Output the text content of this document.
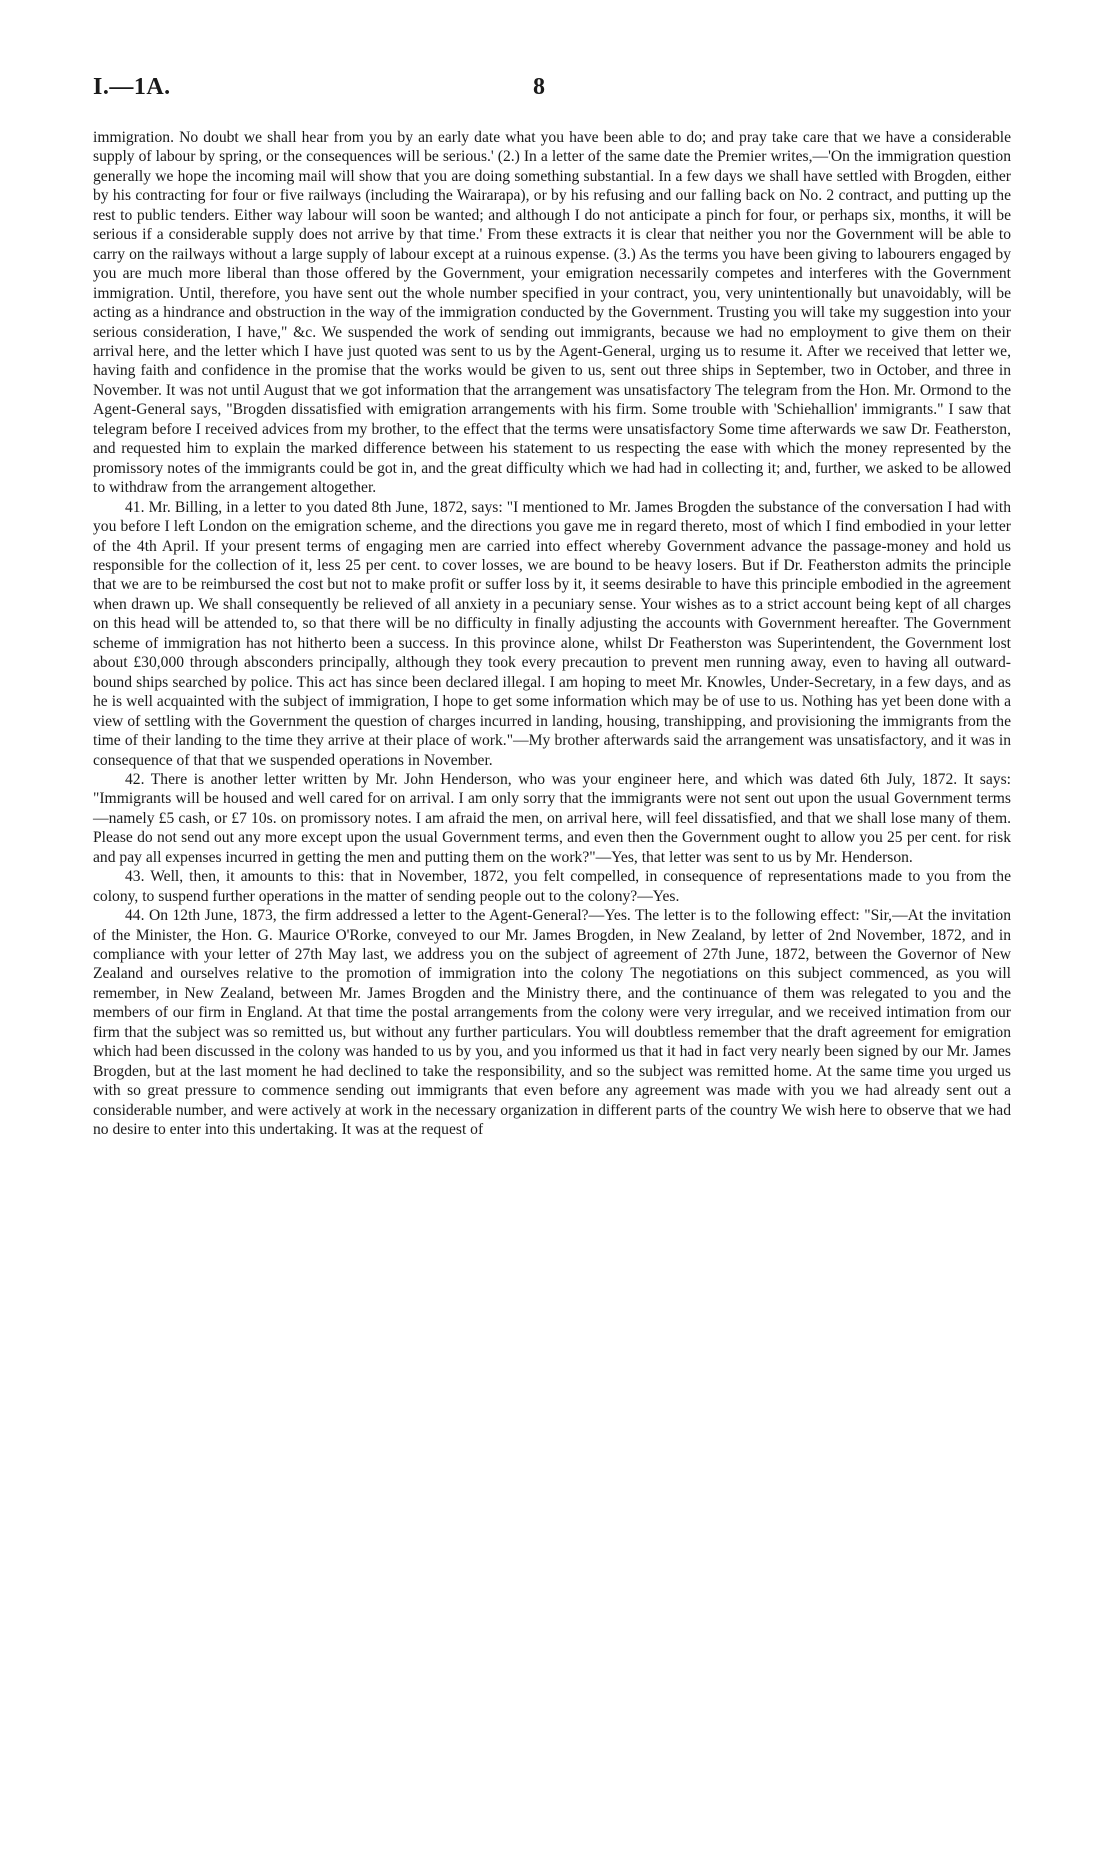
I.—1A.	8

immigration. No doubt we shall hear from you by an early date what you have been able to do; and pray take care that we have a considerable supply of labour by spring, or the consequences will be serious.' (2.) In a letter of the same date the Premier writes,—'On the immigration question generally we hope the incoming mail will show that you are doing something substantial. In a few days we shall have settled with Brogden, either by his contracting for four or five railways (including the Wairarapa), or by his refusing and our falling back on No. 2 contract, and putting up the rest to public tenders. Either way labour will soon be wanted; and although I do not anticipate a pinch for four, or perhaps six, months, it will be serious if a considerable supply does not arrive by that time.' From these extracts it is clear that neither you nor the Government will be able to carry on the railways without a large supply of labour except at a ruinous expense. (3.) As the terms you have been giving to labourers engaged by you are much more liberal than those offered by the Government, your emigration necessarily competes and interferes with the Government immigration. Until, therefore, you have sent out the whole number specified in your contract, you, very unintentionally but unavoidably, will be acting as a hindrance and obstruction in the way of the immigration conducted by the Government. Trusting you will take my suggestion into your serious consideration, I have," &c. We suspended the work of sending out immigrants, because we had no employment to give them on their arrival here, and the letter which I have just quoted was sent to us by the Agent-General, urging us to resume it. After we received that letter we, having faith and confidence in the promise that the works would be given to us, sent out three ships in September, two in October, and three in November. It was not until August that we got information that the arrangement was unsatisfactory The telegram from the Hon. Mr. Ormond to the Agent-General says, "Brogden dissatisfied with emigration arrangements with his firm. Some trouble with 'Schiehallion' immigrants." I saw that telegram before I received advices from my brother, to the effect that the terms were unsatisfactory Some time afterwards we saw Dr. Featherston, and requested him to explain the marked difference between his statement to us respecting the ease with which the money represented by the promissory notes of the immigrants could be got in, and the great difficulty which we had had in collecting it; and, further, we asked to be allowed to withdraw from the arrangement altogether.

41. Mr. Billing, in a letter to you dated 8th June, 1872, says: "I mentioned to Mr. James Brogden the substance of the conversation I had with you before I left London on the emigration scheme, and the directions you gave me in regard thereto, most of which I find embodied in your letter of the 4th April. If your present terms of engaging men are carried into effect whereby Government advance the passage-money and hold us responsible for the collection of it, less 25 per cent. to cover losses, we are bound to be heavy losers. But if Dr. Featherston admits the principle that we are to be reimbursed the cost but not to make profit or suffer loss by it, it seems desirable to have this principle embodied in the agreement when drawn up. We shall consequently be relieved of all anxiety in a pecuniary sense. Your wishes as to a strict account being kept of all charges on this head will be attended to, so that there will be no difficulty in finally adjusting the accounts with Government hereafter. The Government scheme of immigration has not hitherto been a success. In this province alone, whilst Dr Featherston was Superintendent, the Government lost about £30,000 through absconders principally, although they took every precaution to prevent men running away, even to having all outward-bound ships searched by police. This act has since been declared illegal. I am hoping to meet Mr. Knowles, Under-Secretary, in a few days, and as he is well acquainted with the subject of immigration, I hope to get some information which may be of use to us. Nothing has yet been done with a view of settling with the Government the question of charges incurred in landing, housing, transhipping, and provisioning the immigrants from the time of their landing to the time they arrive at their place of work."—My brother afterwards said the arrangement was unsatisfactory, and it was in consequence of that that we suspended operations in November.

42. There is another letter written by Mr. John Henderson, who was your engineer here, and which was dated 6th July, 1872. It says: "Immigrants will be housed and well cared for on arrival. I am only sorry that the immigrants were not sent out upon the usual Government terms—namely £5 cash, or £7 10s. on promissory notes. I am afraid the men, on arrival here, will feel dissatisfied, and that we shall lose many of them. Please do not send out any more except upon the usual Government terms, and even then the Government ought to allow you 25 per cent. for risk and pay all expenses incurred in getting the men and putting them on the work?"—Yes, that letter was sent to us by Mr. Henderson.

43. Well, then, it amounts to this: that in November, 1872, you felt compelled, in consequence of representations made to you from the colony, to suspend further operations in the matter of sending people out to the colony?—Yes.

44. On 12th June, 1873, the firm addressed a letter to the Agent-General?—Yes. The letter is to the following effect: "Sir,—At the invitation of the Minister, the Hon. G. Maurice O'Rorke, conveyed to our Mr. James Brogden, in New Zealand, by letter of 2nd November, 1872, and in compliance with your letter of 27th May last, we address you on the subject of agreement of 27th June, 1872, between the Governor of New Zealand and ourselves relative to the promotion of immigration into the colony The negotiations on this subject commenced, as you will remember, in New Zealand, between Mr. James Brogden and the Ministry there, and the continuance of them was relegated to you and the members of our firm in England. At that time the postal arrangements from the colony were very irregular, and we received intimation from our firm that the subject was so remitted us, but without any further particulars. You will doubtless remember that the draft agreement for emigration which had been discussed in the colony was handed to us by you, and you informed us that it had in fact very nearly been signed by our Mr. James Brogden, but at the last moment he had declined to take the responsibility, and so the subject was remitted home. At the same time you urged us with so great pressure to commence sending out immigrants that even before any agreement was made with you we had already sent out a considerable number, and were actively at work in the necessary organization in different parts of the country We wish here to observe that we had no desire to enter into this undertaking. It was at the request of
